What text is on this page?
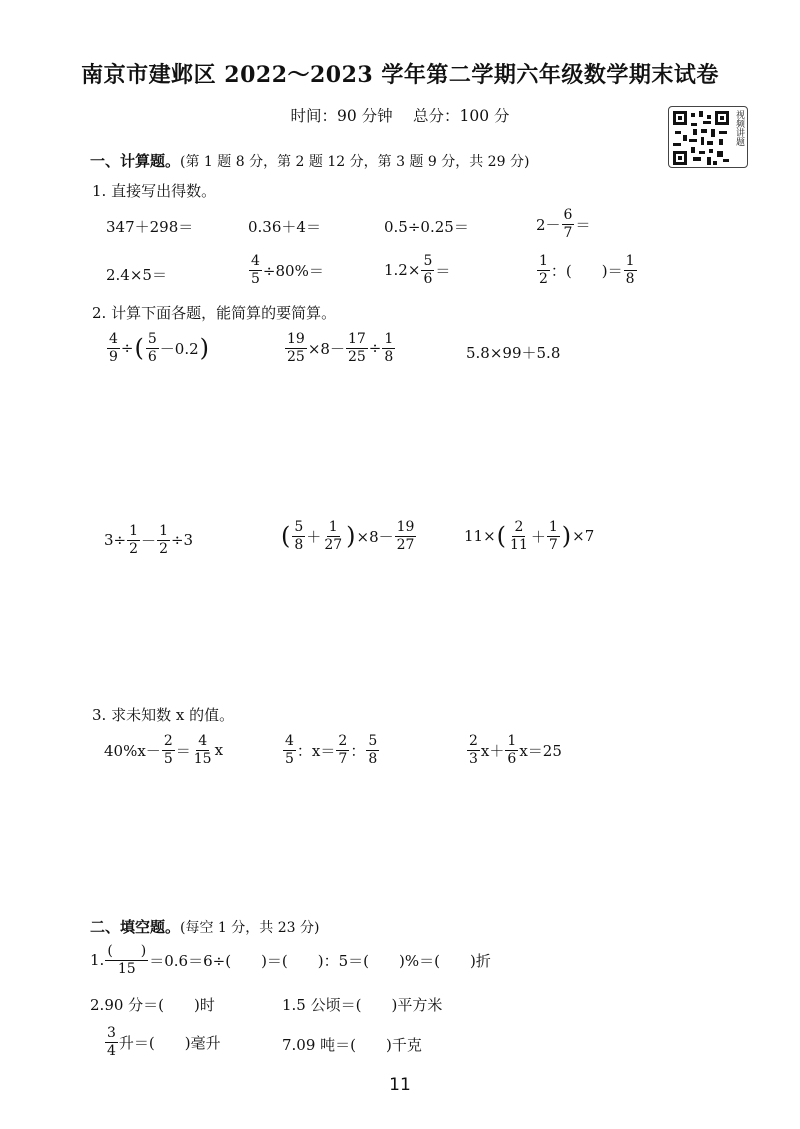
南京市建邺区 2022～2023 学年第二学期六年级数学期末试卷
时间：90 分钟　 总分：100 分	视频讲题
一、计算题。(第 1 题 8 分，第 2 题 12 分，第 3 题 9 分，共 29 分)
1. 直接写出得数。
347＋298＝	0.36＋4＝	0.5÷0.25＝	$2- \frac{6}{7}$ ＝
2.4×5＝	$\frac{4}{5} \div 80\%=$	$1.2\times \frac{5}{6}$ ＝	$\frac{1}{2}$ ：(　　)＝ $\frac{1}{8}$
2. 计算下面各题，能简算的要简算。
$\frac{4}{9}$ ÷ ( $\frac{5}{6} -0.2$ )	$\frac{19}{25} \times 8- \frac{17}{25} \div \frac{1}{8}$	5.8×99＋5.8
$3\div \frac{1}{2} - \frac{1}{2} \div 3$	( $\frac{5}{8} + \frac{1}{27}$ ) $\times 8- \frac{19}{27}$	11× ( $\frac{2}{11} + \frac{1}{7}$ ) ×7
3. 求未知数 x 的值。
$40\%x- \frac{2}{5} = \frac{4}{15}$ x	$\frac{4}{5}$ ：$x= \frac{2}{7}$ ： $\frac{5}{8}$	$\frac{2}{3} x+ \frac{1}{6} x=25$
二、填空题。(每空 1 分，共 23 分)
1. $\frac{( )}{15} =0.6=6\div$(　　)＝(　　)：5＝(　　)%＝(　　)折
2. 90 分＝(　　)时	1.5 公顷＝(　　)平方米
$\frac{3}{4}$ 升＝(　　)毫升	7.09 吨＝(　　)千克
11
